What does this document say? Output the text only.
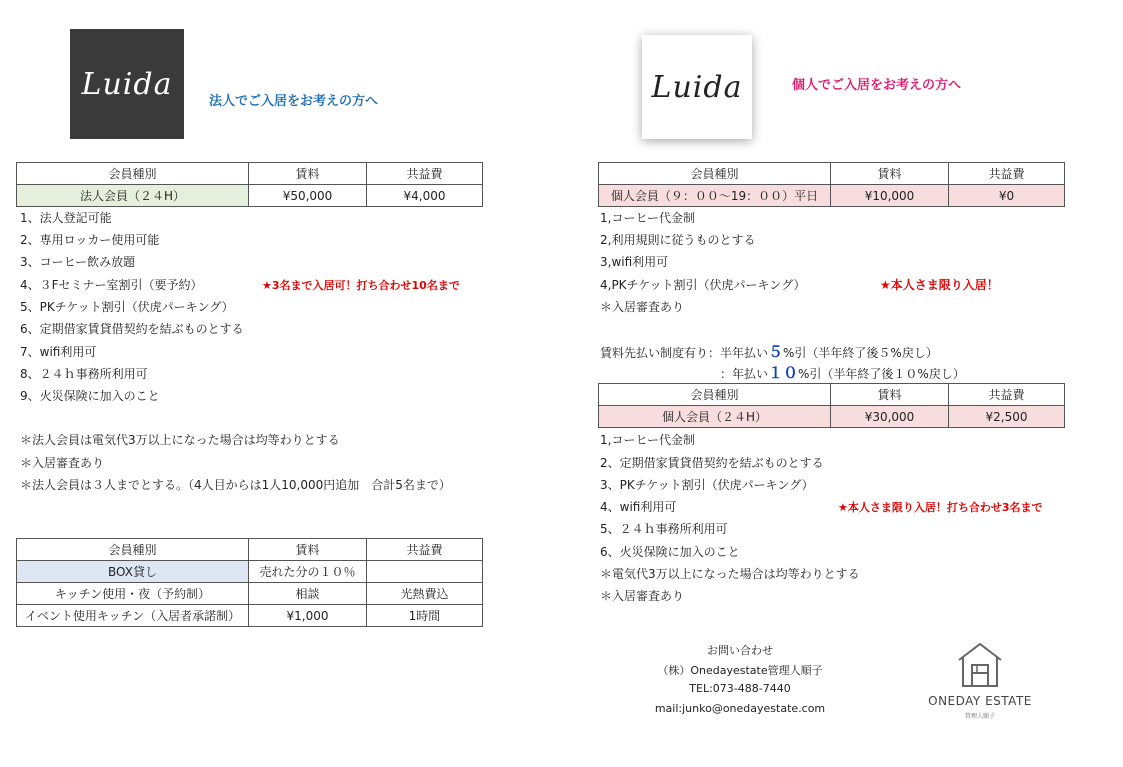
Luida	法人でご入居をお考えの方へ
会員種別	賃料	共益費
法人会員（２４H）	¥50,000	¥4,000
1、法人登記可能
2、専用ロッカー使用可能
3、コーヒー飲み放題
4、３Fセミナー室割引（要予約）	★3名まで入居可！打ち合わせ10名まで
5、PKチケット割引（伏虎パーキング）
6、定期借家賃貸借契約を結ぶものとする
7、wifi利用可
8、２４ｈ事務所利用可
9、火災保険に加入のこと
＊法人会員は電気代3万以上になった場合は均等わりとする
＊入居審査あり
＊法人会員は３人までとする。（4人目からは1人10,000円追加　合計5名まで）
会員種別	賃料	共益費
BOX貸し	売れた分の１０％	
キッチン使用・夜（予約制）	相談	光熱費込
イベント使用キッチン（入居者承諾制）	¥1,000	1時間
Luida	個人でご入居をお考えの方へ
会員種別	賃料	共益費
個人会員（９：００〜19：００）平日	¥10,000	¥0
1,コーヒー代金制
2,利用規則に従うものとする
3,wifi利用可
4,PKチケット割引（伏虎パーキング）	★本人さま限り入居！
＊入居審査あり
賃料先払い制度有り：半年払い５%引（半年終了後５%戻し）
：年払い１０%引（半年終了後１０%戻し）
会員種別	賃料	共益費
個人会員（２４H）	¥30,000	¥2,500
1,コーヒー代金制
2、定期借家賃貸借契約を結ぶものとする
3、PKチケット割引（伏虎パーキング）
4、wifi利用可	★本人さま限り入居！打ち合わせ3名まで
5、２４ｈ事務所利用可
6、火災保険に加入のこと
＊電気代3万以上になった場合は均等わりとする
＊入居審査あり
お問い合わせ
（株）Onedayestate管理人順子
TEL:073-488-7440
mail:junko@onedayestate.com
ONEDAY ESTATE
管理人順子
